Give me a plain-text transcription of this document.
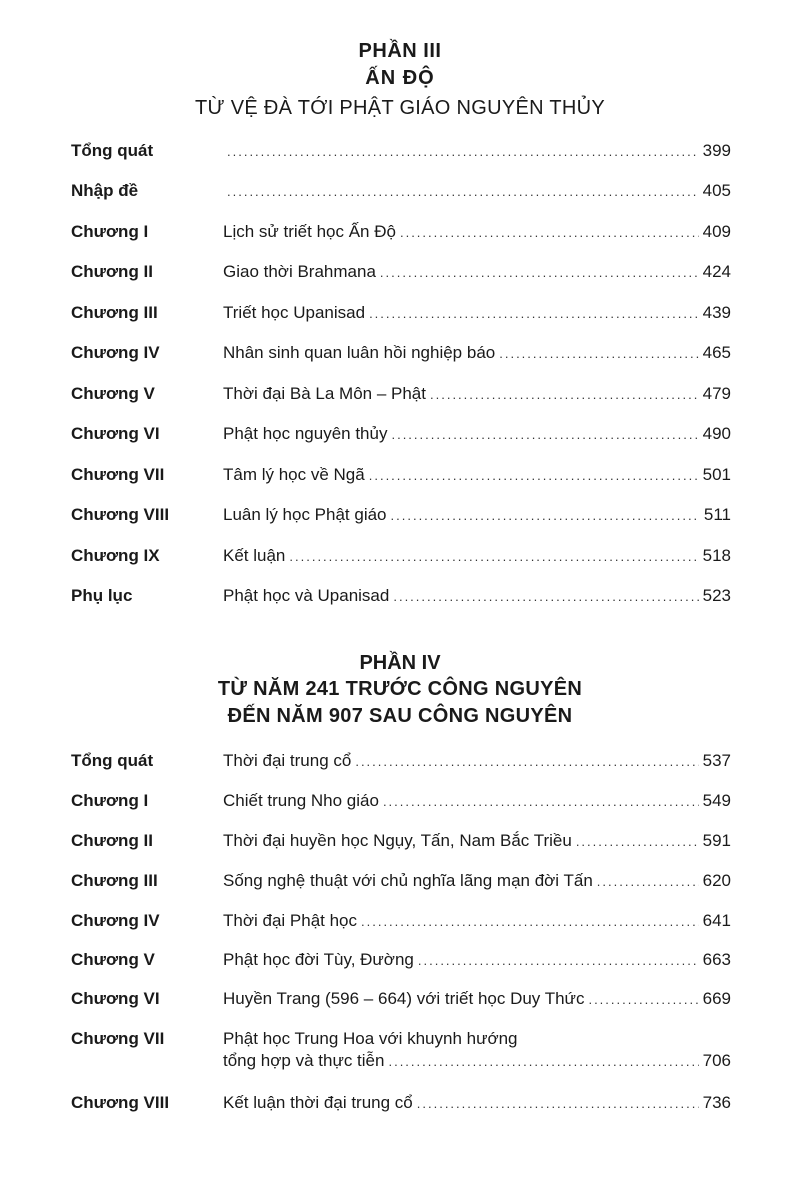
PHẦN III
ẤN ĐỘ
TỪ VỆ ĐÀ TỚI PHẬT GIÁO NGUYÊN THỦY
Tổng quát .....	399
Nhập đề .....	405
Chương I	Lịch sử triết học Ấn Độ .....	409
Chương II	Giao thời Brahmana .....	424
Chương III	Triết học Upanisad .....	439
Chương IV	Nhân sinh quan luân hồi nghiệp báo .....	465
Chương V	Thời đại Bà La Môn – Phật .....	479
Chương VI	Phật học nguyên thủy .....	490
Chương VII	Tâm lý học về Ngã .....	501
Chương VIII	Luân lý học Phật giáo .....	511
Chương IX	Kết luận .....	518
Phụ lục	Phật học và Upanisad .....	523
PHẦN IV
TỪ NĂM 241 TRƯỚC CÔNG NGUYÊN
ĐẾN NĂM 907 SAU CÔNG NGUYÊN
Tổng quát	Thời đại trung cổ .....	537
Chương I	Chiết trung Nho giáo .....	549
Chương II	Thời đại huyền học Ngụy, Tấn, Nam Bắc Triều .....	591
Chương III	Sống nghệ thuật với chủ nghĩa lãng mạn đời Tấn .....	620
Chương IV	Thời đại Phật học .....	641
Chương V	Phật học đời Tùy, Đường .....	663
Chương VI	Huyền Trang (596 – 664) với triết học Duy Thức .....	669
Chương VII	Phật học Trung Hoa với khuynh hướng
tổng hợp và thực tiễn .....	706
Chương VIII	Kết luận thời đại trung cổ .....	736
